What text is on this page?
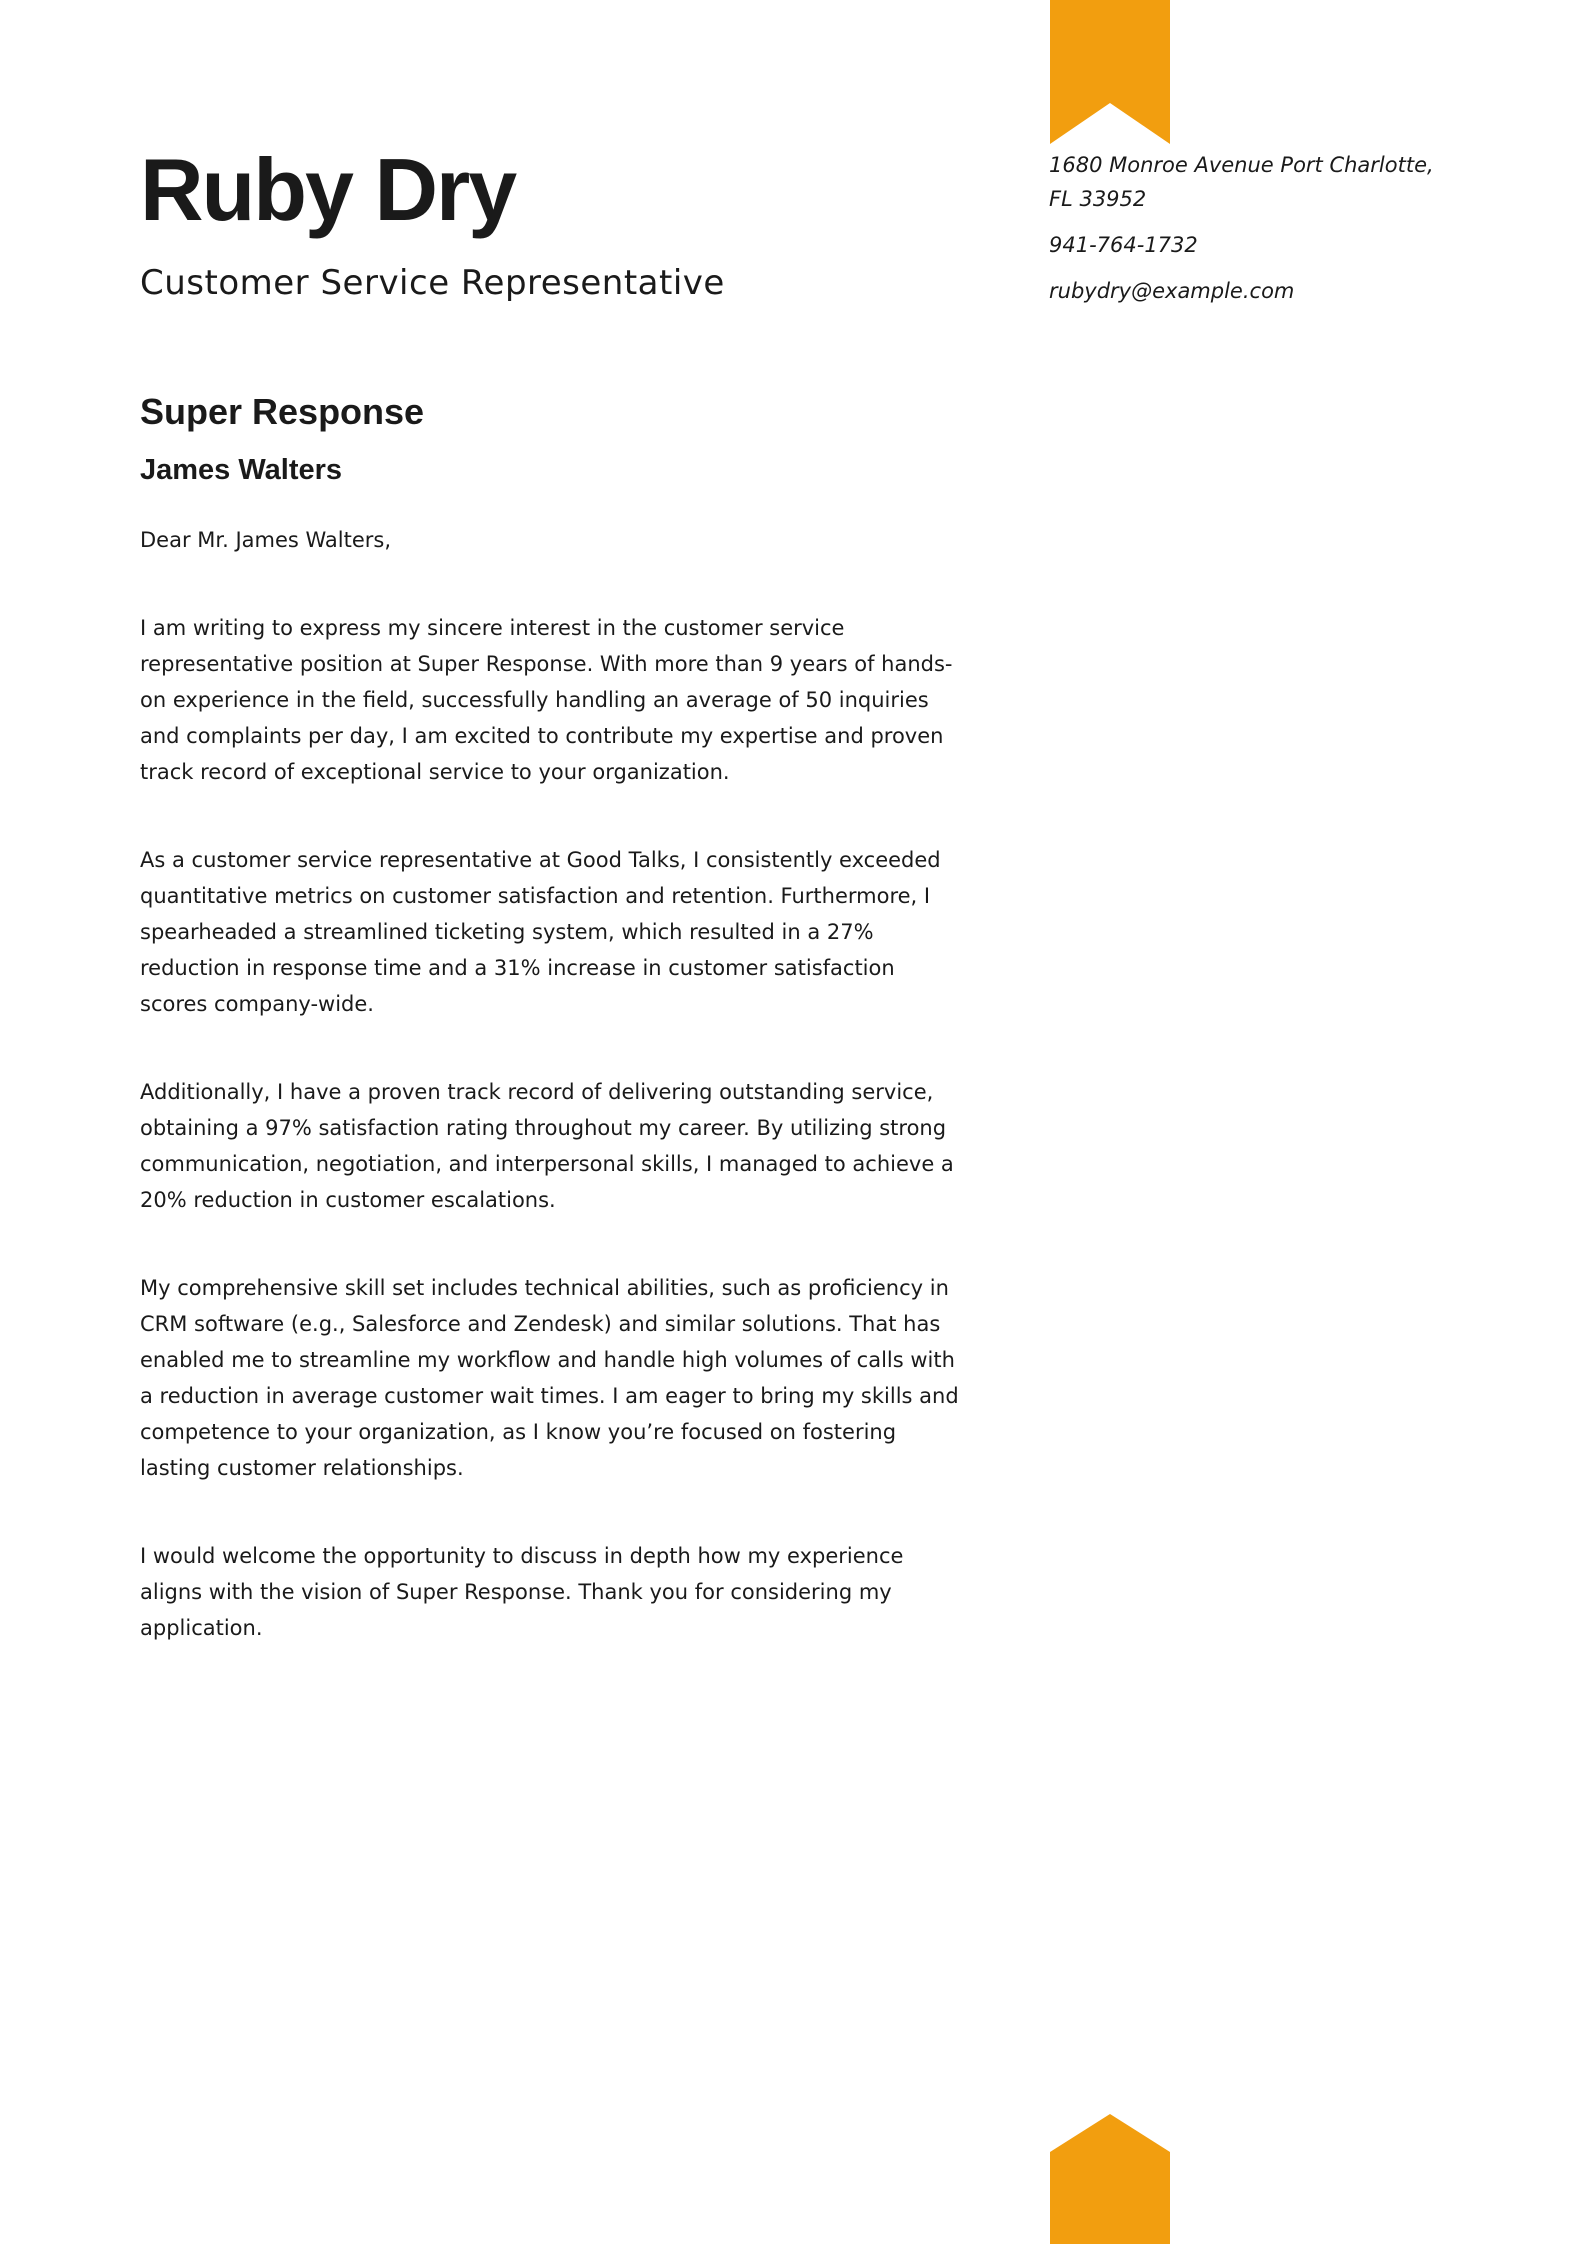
Ruby Dry
Customer Service Representative

1680 Monroe Avenue Port Charlotte, FL 33952

941-764-1732

rubydry@example.com

Super Response
James Walters

Dear Mr. James Walters,

I am writing to express my sincere interest in the customer service representative position at Super Response. With more than 9 years of hands-on experience in the field, successfully handling an average of 50 inquiries and complaints per day, I am excited to contribute my expertise and proven track record of exceptional service to your organization.

As a customer service representative at Good Talks, I consistently exceeded quantitative metrics on customer satisfaction and retention. Furthermore, I spearheaded a streamlined ticketing system, which resulted in a 27% reduction in response time and a 31% increase in customer satisfaction scores company-wide.

Additionally, I have a proven track record of delivering outstanding service, obtaining a 97% satisfaction rating throughout my career. By utilizing strong communication, negotiation, and interpersonal skills, I managed to achieve a 20% reduction in customer escalations.

My comprehensive skill set includes technical abilities, such as proficiency in CRM software (e.g., Salesforce and Zendesk) and similar solutions. That has enabled me to streamline my workflow and handle high volumes of calls with a reduction in average customer wait times. I am eager to bring my skills and competence to your organization, as I know you’re focused on fostering lasting customer relationships.

I would welcome the opportunity to discuss in depth how my experience aligns with the vision of Super Response. Thank you for considering my application.
